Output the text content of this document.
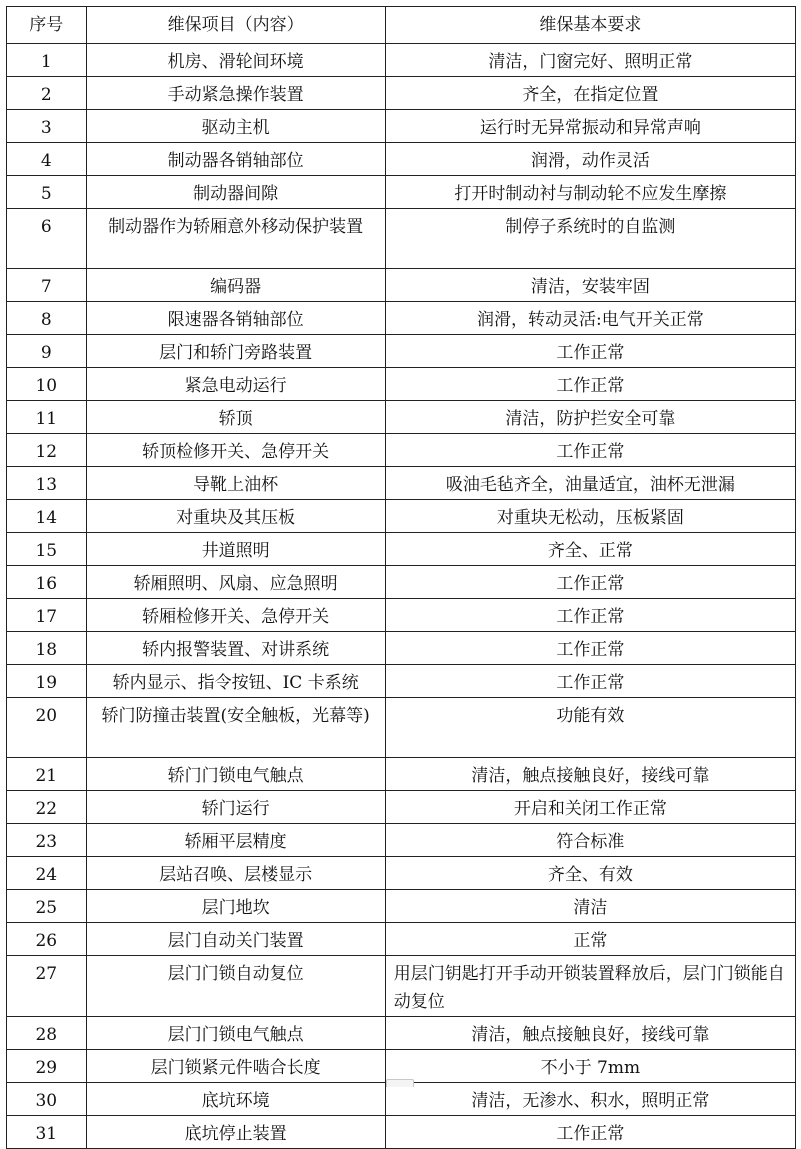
序号	维保项目（内容）	维保基本要求
1	机房、滑轮间环境	清洁，门窗完好、照明正常
2	手动紧急操作装置	齐全，在指定位置
3	驱动主机	运行时无异常振动和异常声响
4	制动器各销轴部位	润滑，动作灵活
5	制动器间隙	打开时制动衬与制动轮不应发生摩擦
6	制动器作为轿厢意外移动保护装置	制停子系统时的自监测
7	编码器	清洁，安装牢固
8	限速器各销轴部位	润滑，转动灵活:电气开关正常
9	层门和轿门旁路装置	工作正常
10	紧急电动运行	工作正常
11	轿顶	清洁，防护拦安全可靠
12	轿顶检修开关、急停开关	工作正常
13	导靴上油杯	吸油毛毡齐全，油量适宜，油杯无泄漏
14	对重块及其压板	对重块无松动，压板紧固
15	井道照明	齐全、正常
16	轿厢照明、风扇、应急照明	工作正常
17	轿厢检修开关、急停开关	工作正常
18	轿内报警装置、对讲系统	工作正常
19	轿内显示、指令按钮、IC 卡系统	工作正常
20	轿门防撞击装置(安全触板，光幕等)	功能有效
21	轿门门锁电气触点	清洁，触点接触良好，接线可靠
22	轿门运行	开启和关闭工作正常
23	轿厢平层精度	符合标准
24	层站召唤、层楼显示	齐全、有效
25	层门地坎	清洁
26	层门自动关门装置	正常
27	层门门锁自动复位	用层门钥匙打开手动开锁装置释放后，层门门锁能自动复位
28	层门门锁电气触点	清洁，触点接触良好，接线可靠
29	层门锁紧元件啮合长度	不小于 7mm
30	底坑环境	清洁，无渗水、积水，照明正常
31	底坑停止装置	工作正常
